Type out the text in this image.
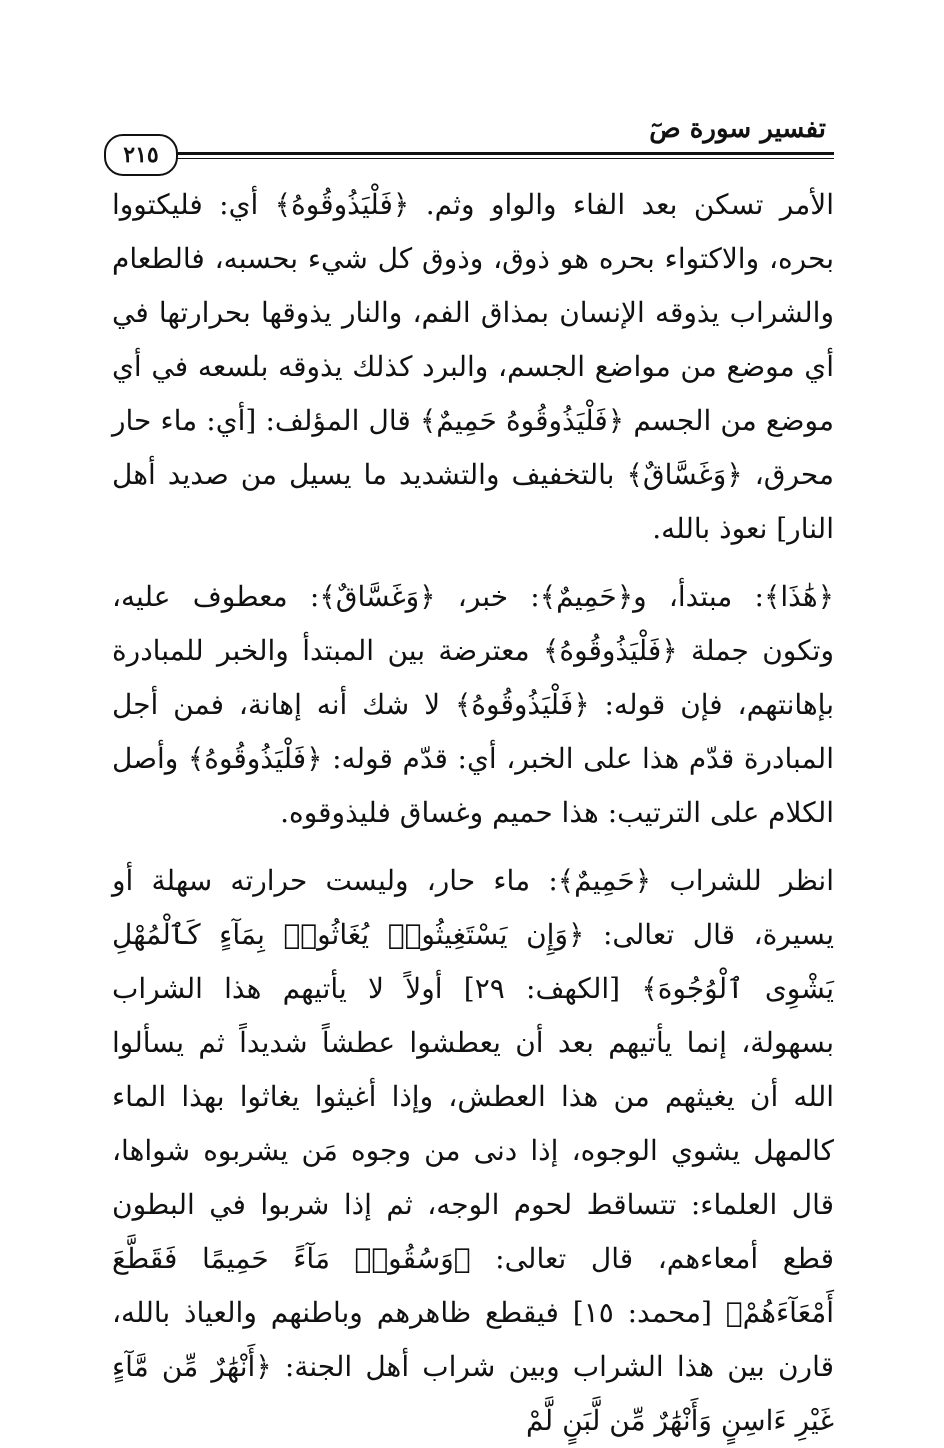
تفسير سورة صٓ
٢١٥

الأمر تسكن بعد الفاء والواو وثم. ﴿فَلْيَذُوقُوهُ﴾ أي: فليكتووا بحره، والاكتواء بحره هو ذوق، وذوق كل شيء بحسبه، فالطعام والشراب يذوقه الإنسان بمذاق الفم، والنار يذوقها بحرارتها في أي موضع من مواضع الجسم، والبرد كذلك يذوقه بلسعه في أي موضع من الجسم ﴿فَلْيَذُوقُوهُ حَمِيمٌ﴾ قال المؤلف: [أي: ماء حار محرق، ﴿وَغَسَّاقٌ﴾ بالتخفيف والتشديد ما يسيل من صديد أهل النار] نعوذ بالله.

﴿هَٰذَا﴾: مبتدأ، و﴿حَمِيمٌ﴾: خبر، ﴿وَغَسَّاقٌ﴾: معطوف عليه، وتكون جملة ﴿فَلْيَذُوقُوهُ﴾ معترضة بين المبتدأ والخبر للمبادرة بإهانتهم، فإن قوله: ﴿فَلْيَذُوقُوهُ﴾ لا شك أنه إهانة، فمن أجل المبادرة قدّم هذا على الخبر، أي: قدّم قوله: ﴿فَلْيَذُوقُوهُ﴾ وأصل الكلام على الترتيب: هذا حميم وغساق فليذوقوه.

انظر للشراب ﴿حَمِيمٌ﴾: ماء حار، وليست حرارته سهلة أو يسيرة، قال تعالى: ﴿وَإِن يَسْتَغِيثُوا۟ يُغَاثُوا۟ بِمَآءٍ كَٱلْمُهْلِ يَشْوِى ٱلْوُجُوهَ﴾ [الكهف: ٢٩] أولاً لا يأتيهم هذا الشراب بسهولة، إنما يأتيهم بعد أن يعطشوا عطشاً شديداً ثم يسألوا الله أن يغيثهم من هذا العطش، وإذا أغيثوا يغاثوا بهذا الماء كالمهل يشوي الوجوه، إذا دنى من وجوه مَن يشربوه شواها، قال العلماء: تتساقط لحوم الوجه، ثم إذا شربوا في البطون قطع أمعاءهم، قال تعالى: ﴿وَسُقُوا۟ مَآءً حَمِيمًا فَقَطَّعَ أَمْعَآءَهُمْ﴾ [محمد: ١٥] فيقطع ظاهرهم وباطنهم والعياذ بالله، قارن بين هذا الشراب وبين شراب أهل الجنة: ﴿أَنْهَٰرٌ مِّن مَّآءٍ غَيْرِ ءَاسِنٍ وَأَنْهَٰرٌ مِّن لَّبَنٍ لَّمْ
